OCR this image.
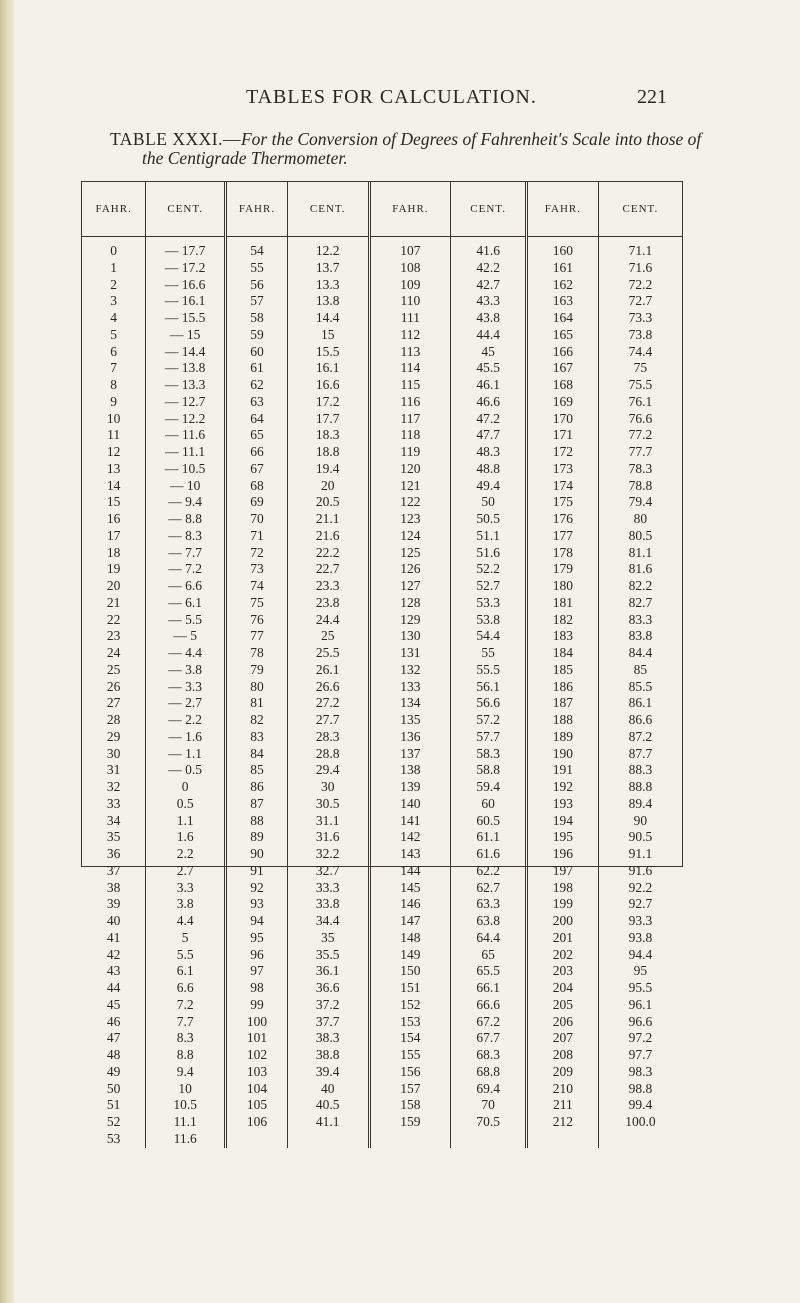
TABLES FOR CALCULATION.	221
TABLE XXXI.—For the Conversion of Degrees of Fahrenheit's Scale into those of
the Centigrade Thermometer.
FAHR.	CENT.	FAHR.	CENT.	FAHR.	CENT.	FAHR.	CENT.
0	— 17.7	54	12.2	107	41.6	160	71.1
1	— 17.2	55	13.7	108	42.2	161	71.6
2	— 16.6	56	13.3	109	42.7	162	72.2
3	— 16.1	57	13.8	110	43.3	163	72.7
4	— 15.5	58	14.4	111	43.8	164	73.3
5	— 15	59	15	112	44.4	165	73.8
6	— 14.4	60	15.5	113	45	166	74.4
7	— 13.8	61	16.1	114	45.5	167	75
8	— 13.3	62	16.6	115	46.1	168	75.5
9	— 12.7	63	17.2	116	46.6	169	76.1
10	— 12.2	64	17.7	117	47.2	170	76.6
11	— 11.6	65	18.3	118	47.7	171	77.2
12	— 11.1	66	18.8	119	48.3	172	77.7
13	— 10.5	67	19.4	120	48.8	173	78.3
14	— 10	68	20	121	49.4	174	78.8
15	— 9.4	69	20.5	122	50	175	79.4
16	— 8.8	70	21.1	123	50.5	176	80
17	— 8.3	71	21.6	124	51.1	177	80.5
18	— 7.7	72	22.2	125	51.6	178	81.1
19	— 7.2	73	22.7	126	52.2	179	81.6
20	— 6.6	74	23.3	127	52.7	180	82.2
21	— 6.1	75	23.8	128	53.3	181	82.7
22	— 5.5	76	24.4	129	53.8	182	83.3
23	— 5	77	25	130	54.4	183	83.8
24	— 4.4	78	25.5	131	55	184	84.4
25	— 3.8	79	26.1	132	55.5	185	85
26	— 3.3	80	26.6	133	56.1	186	85.5
27	— 2.7	81	27.2	134	56.6	187	86.1
28	— 2.2	82	27.7	135	57.2	188	86.6
29	— 1.6	83	28.3	136	57.7	189	87.2
30	— 1.1	84	28.8	137	58.3	190	87.7
31	— 0.5	85	29.4	138	58.8	191	88.3
32	0	86	30	139	59.4	192	88.8
33	0.5	87	30.5	140	60	193	89.4
34	1.1	88	31.1	141	60.5	194	90
35	1.6	89	31.6	142	61.1	195	90.5
36	2.2	90	32.2	143	61.6	196	91.1
37	2.7	91	32.7	144	62.2	197	91.6
38	3.3	92	33.3	145	62.7	198	92.2
39	3.8	93	33.8	146	63.3	199	92.7
40	4.4	94	34.4	147	63.8	200	93.3
41	5	95	35	148	64.4	201	93.8
42	5.5	96	35.5	149	65	202	94.4
43	6.1	97	36.1	150	65.5	203	95
44	6.6	98	36.6	151	66.1	204	95.5
45	7.2	99	37.2	152	66.6	205	96.1
46	7.7	100	37.7	153	67.2	206	96.6
47	8.3	101	38.3	154	67.7	207	97.2
48	8.8	102	38.8	155	68.3	208	97.7
49	9.4	103	39.4	156	68.8	209	98.3
50	10	104	40	157	69.4	210	98.8
51	10.5	105	40.5	158	70	211	99.4
52	11.1	106	41.1	159	70.5	212	100.0
53	11.6						
